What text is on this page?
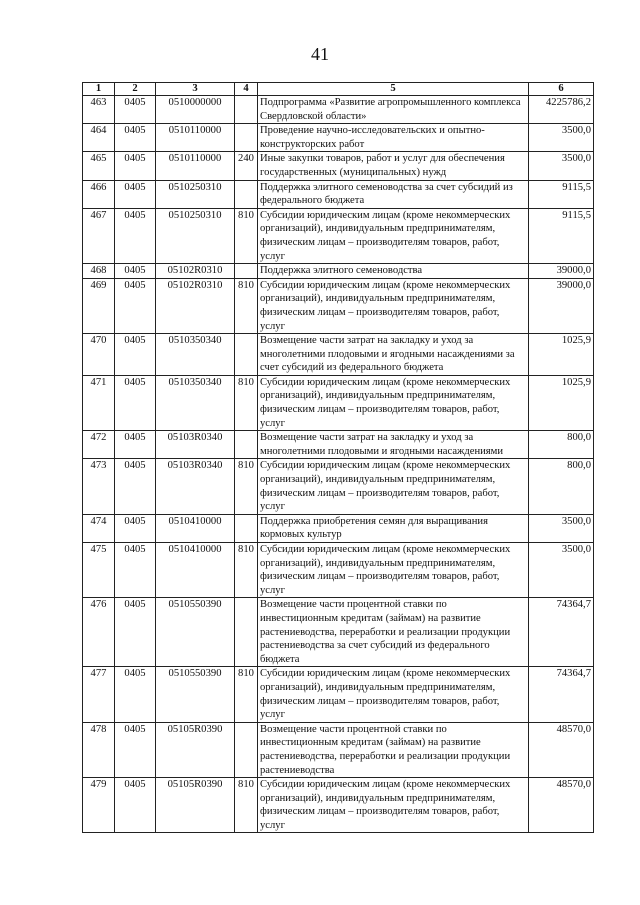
41
1	2	3	4	5	6
463	0405	0510000000		Подпрограмма «Развитие агропромышленного комплекса
Свердловской области»	4225786,2
464	0405	0510110000		Проведение научно-исследовательских и опытно-
конструкторских работ	3500,0
465	0405	0510110000	240	Иные закупки товаров, работ и услуг для обеспечения
государственных (муниципальных) нужд	3500,0
466	0405	0510250310		Поддержка элитного семеноводства за счет субсидий из
федерального бюджета	9115,5
467	0405	0510250310	810	Субсидии юридическим лицам (кроме некоммерческих
организаций), индивидуальным предпринимателям,
физическим лицам – производителям товаров, работ,
услуг	9115,5
468	0405	05102R0310		Поддержка элитного семеноводства	39000,0
469	0405	05102R0310	810	Субсидии юридическим лицам (кроме некоммерческих
организаций), индивидуальным предпринимателям,
физическим лицам – производителям товаров, работ,
услуг	39000,0
470	0405	0510350340		Возмещение части затрат на закладку и уход за
многолетними плодовыми и ягодными насаждениями за
счет субсидий из федерального бюджета	1025,9
471	0405	0510350340	810	Субсидии юридическим лицам (кроме некоммерческих
организаций), индивидуальным предпринимателям,
физическим лицам – производителям товаров, работ,
услуг	1025,9
472	0405	05103R0340		Возмещение части затрат на закладку и уход за
многолетними плодовыми и ягодными насаждениями	800,0
473	0405	05103R0340	810	Субсидии юридическим лицам (кроме некоммерческих
организаций), индивидуальным предпринимателям,
физическим лицам – производителям товаров, работ,
услуг	800,0
474	0405	0510410000		Поддержка приобретения семян для выращивания
кормовых культур	3500,0
475	0405	0510410000	810	Субсидии юридическим лицам (кроме некоммерческих
организаций), индивидуальным предпринимателям,
физическим лицам – производителям товаров, работ,
услуг	3500,0
476	0405	0510550390		Возмещение части процентной ставки по
инвестиционным кредитам (займам) на развитие
растениеводства, переработки и реализации продукции
растениеводства за счет субсидий из федерального
бюджета	74364,7
477	0405	0510550390	810	Субсидии юридическим лицам (кроме некоммерческих
организаций), индивидуальным предпринимателям,
физическим лицам – производителям товаров, работ,
услуг	74364,7
478	0405	05105R0390		Возмещение части процентной ставки по
инвестиционным кредитам (займам) на развитие
растениеводства, переработки и реализации продукции
растениеводства	48570,0
479	0405	05105R0390	810	Субсидии юридическим лицам (кроме некоммерческих
организаций), индивидуальным предпринимателям,
физическим лицам – производителям товаров, работ,
услуг	48570,0
